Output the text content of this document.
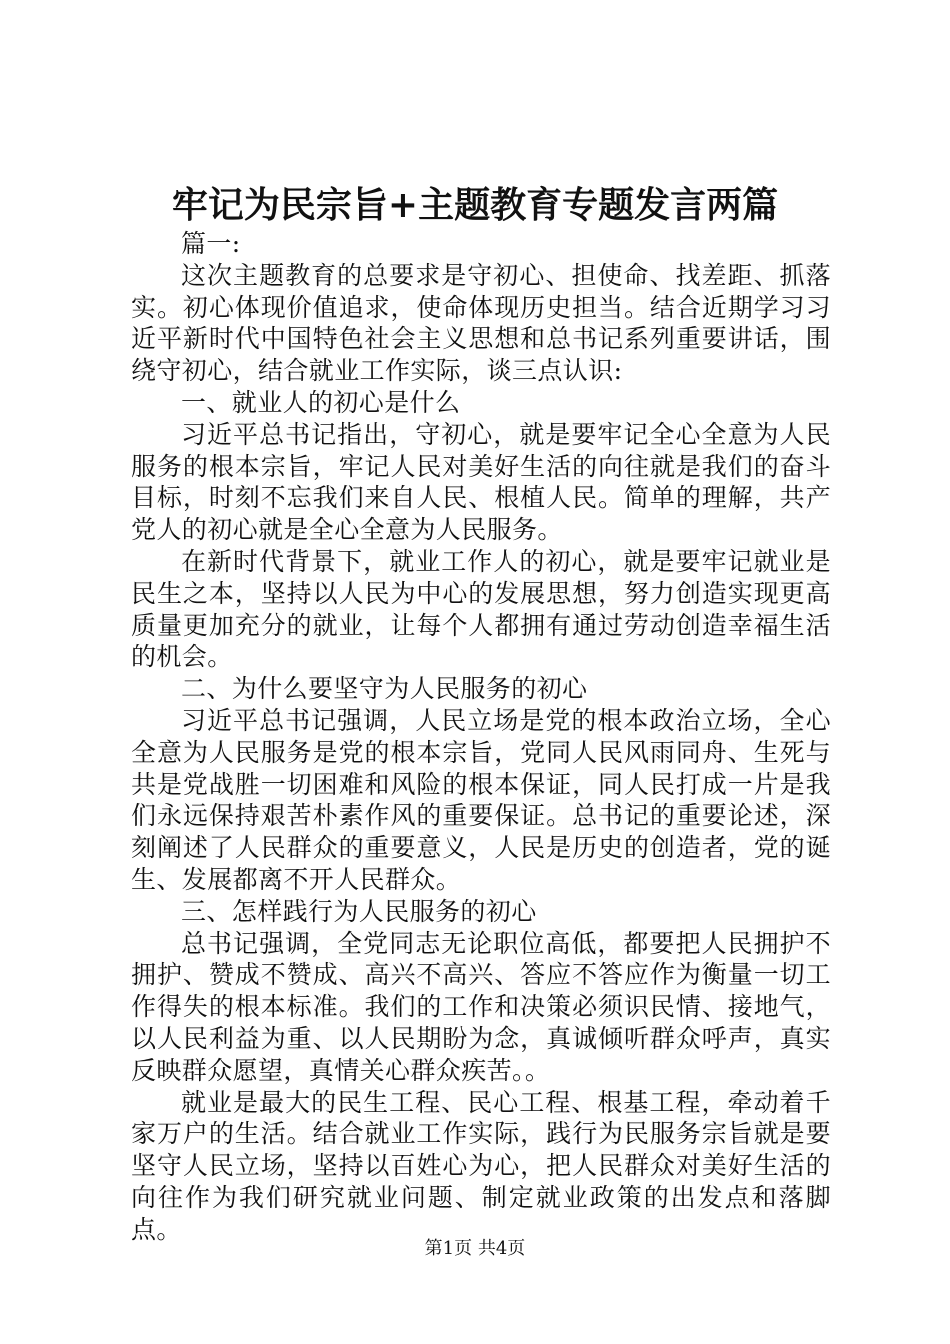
牢记为民宗旨+主题教育专题发言两篇

篇一:

这次主题教育的总要求是守初心、担使命、找差距、抓落实。初心体现价值追求，使命体现历史担当。结合近期学习习近平新时代中国特色社会主义思想和总书记系列重要讲话，围绕守初心，结合就业工作实际，谈三点认识:

一、就业人的初心是什么

习近平总书记指出，守初心，就是要牢记全心全意为人民服务的根本宗旨，牢记人民对美好生活的向往就是我们的奋斗目标，时刻不忘我们来自人民、根植人民。简单的理解，共产党人的初心就是全心全意为人民服务。

在新时代背景下，就业工作人的初心，就是要牢记就业是民生之本，坚持以人民为中心的发展思想，努力创造实现更高质量更加充分的就业，让每个人都拥有通过劳动创造幸福生活的机会。

二、为什么要坚守为人民服务的初心

习近平总书记强调，人民立场是党的根本政治立场，全心全意为人民服务是党的根本宗旨，党同人民风雨同舟、生死与共是党战胜一切困难和风险的根本保证，同人民打成一片是我们永远保持艰苦朴素作风的重要保证。总书记的重要论述，深刻阐述了人民群众的重要意义，人民是历史的创造者，党的诞生、发展都离不开人民群众。

三、怎样践行为人民服务的初心

总书记强调，全党同志无论职位高低，都要把人民拥护不拥护、赞成不赞成、高兴不高兴、答应不答应作为衡量一切工作得失的根本标准。我们的工作和决策必须识民情、接地气，以人民利益为重、以人民期盼为念，真诚倾听群众呼声，真实反映群众愿望，真情关心群众疾苦。。

就业是最大的民生工程、民心工程、根基工程，牵动着千家万户的生活。结合就业工作实际，践行为民服务宗旨就是要坚守人民立场，坚持以百姓心为心，把人民群众对美好生活的向往作为我们研究就业问题、制定就业政策的出发点和落脚点。

第1页 共4页
